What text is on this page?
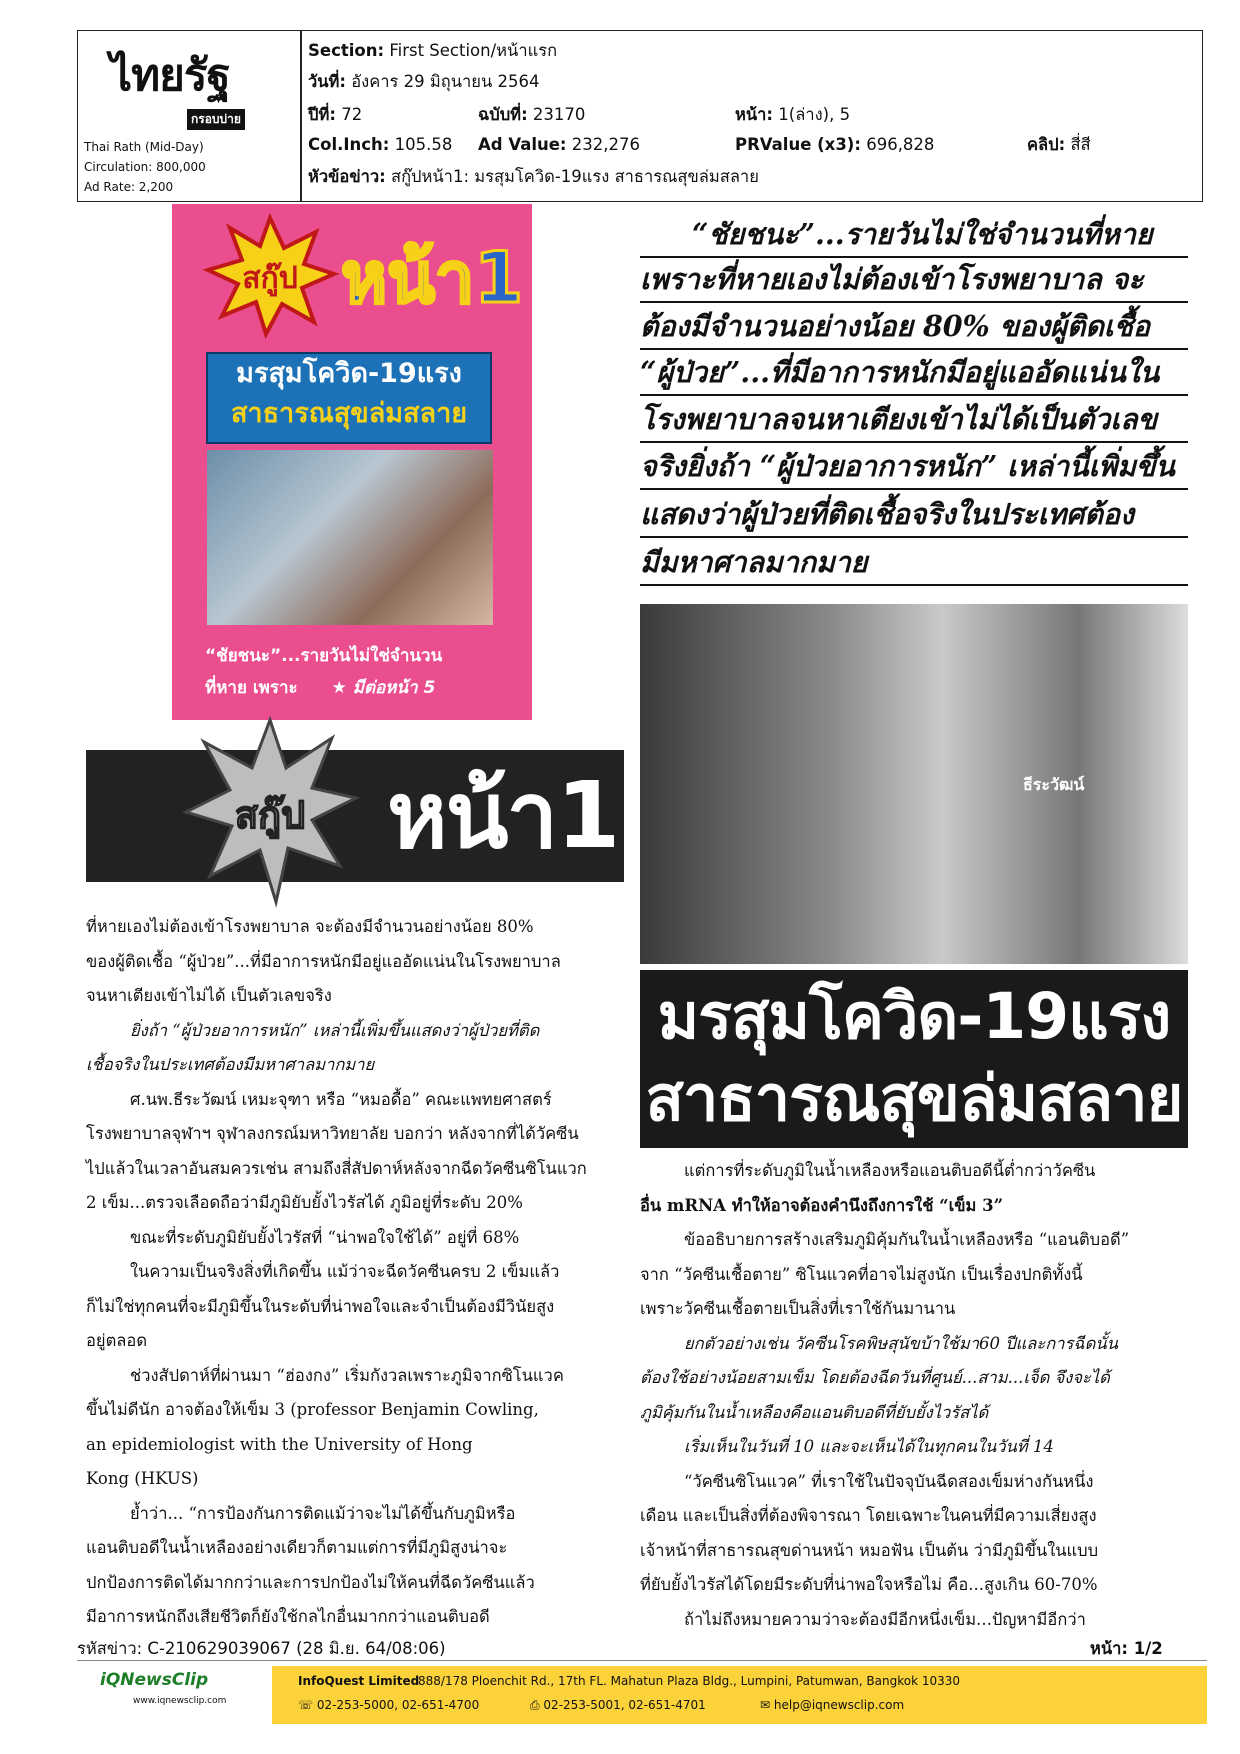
ไทยรัฐ
กรอบบ่าย
Thai Rath (Mid-Day)
Circulation: 800,000
Ad Rate: 2,200
Section: First Section/หน้าแรก
วันที่: อังคาร 29 มิถุนายน 2564
ปีที่: 72	ฉบับที่: 23170	หน้า: 1(ล่าง), 5
Col.Inch: 105.58 Ad Value: 232,276	PRValue (x3): 696,828	คลิป: สี่สี
หัวข้อข่าว: สกู๊ปหน้า1: มรสุมโควิด-19แรง สาธารณสุขล่มสลาย
สกู๊ป หน้า1
มรสุมโควิด-19แรง
สาธารณสุขล่มสลาย
“ชัยชนะ”...รายวันไม่ใช่จำนวน
ที่หาย เพราะ ★ มีต่อหน้า 5
สกู๊ป หน้า1
“ชัยชนะ”...รายวันไม่ใช่จำนวนที่หาย
เพราะที่หายเองไม่ต้องเข้าโรงพยาบาล จะ
ต้องมีจำนวนอย่างน้อย 80% ของผู้ติดเชื้อ
“ผู้ป่วย”...ที่มีอาการหนักมีอยู่แออัดแน่นใน
โรงพยาบาลจนหาเตียงเข้าไม่ได้เป็นตัวเลข
จริงยิ่งถ้า “ผู้ป่วยอาการหนัก” เหล่านี้เพิ่มขึ้น
แสดงว่าผู้ป่วยที่ติดเชื้อจริงในประเทศต้อง
มีมหาศาลมากมาย
ธีระวัฒน์
มรสุมโควิด-19แรง
สาธารณสุขล่มสลาย
ที่หายเองไม่ต้องเข้าโรงพยาบาล จะต้องมีจำนวนอย่างน้อย 80%
ของผู้ติดเชื้อ “ผู้ป่วย”...ที่มีอาการหนักมีอยู่แออัดแน่นในโรงพยาบาล
จนหาเตียงเข้าไม่ได้ เป็นตัวเลขจริง
ยิ่งถ้า “ผู้ป่วยอาการหนัก” เหล่านี้เพิ่มขึ้นแสดงว่าผู้ป่วยที่ติด
เชื้อจริงในประเทศต้องมีมหาศาลมากมาย
ศ.นพ.ธีระวัฒน์ เหมะจุฑา หรือ “หมอดื้อ” คณะแพทยศาสตร์
โรงพยาบาลจุฬาฯ จุฬาลงกรณ์มหาวิทยาลัย บอกว่า หลังจากที่ได้วัคซีน
ไปแล้วในเวลาอันสมควรเช่น สามถึงสี่สัปดาห์หลังจากฉีดวัคซีนซิโนแวก
2 เข็ม...ตรวจเลือดถือว่ามีภูมิยับยั้งไวรัสได้ ภูมิอยู่ที่ระดับ 20%
ขณะที่ระดับภูมิยับยั้งไวรัสที่ “น่าพอใจใช้ได้” อยู่ที่ 68%
ในความเป็นจริงสิ่งที่เกิดขึ้น แม้ว่าจะฉีดวัคซีนครบ 2 เข็มแล้ว
ก็ไม่ใช่ทุกคนที่จะมีภูมิขึ้นในระดับที่น่าพอใจและจำเป็นต้องมีวินัยสูง
อยู่ตลอด
ช่วงสัปดาห์ที่ผ่านมา “ฮ่องกง” เริ่มกังวลเพราะภูมิจากซิโนแวค
ขึ้นไม่ดีนัก อาจต้องให้เข็ม 3 (professor Benjamin Cowling,
an epidemiologist with the University of Hong
Kong (HKUS)
ย้ำว่า... “การป้องกันการติดแม้ว่าจะไม่ได้ขึ้นกับภูมิหรือ
แอนติบอดีในน้ำเหลืองอย่างเดียวก็ตามแต่การที่มีภูมิสูงน่าจะ
ปกป้องการติดได้มากกว่าและการปกป้องไม่ให้คนที่ฉีดวัคซีนแล้ว
มีอาการหนักถึงเสียชีวิตก็ยังใช้กลไกอื่นมากกว่าแอนติบอดี
แต่การที่ระดับภูมิในน้ำเหลืองหรือแอนติบอดีนี้ต่ำกว่าวัคซีน
อื่น mRNA ทำให้อาจต้องคำนึงถึงการใช้ “เข็ม 3”
ข้ออธิบายการสร้างเสริมภูมิคุ้มกันในน้ำเหลืองหรือ “แอนติบอดี”
จาก “วัคซีนเชื้อตาย” ซิโนแวคที่อาจไม่สูงนัก เป็นเรื่องปกติทั้งนี้
เพราะวัคซีนเชื้อตายเป็นสิ่งที่เราใช้กันมานาน
ยกตัวอย่างเช่น วัคซีนโรคพิษสุนัขบ้าใช้มา60 ปีและการฉีดนั้น
ต้องใช้อย่างน้อยสามเข็ม โดยต้องฉีดวันที่ศูนย์...สาม...เจ็ด จึงจะได้
ภูมิคุ้มกันในน้ำเหลืองคือแอนติบอดีที่ยับยั้งไวรัสได้
เริ่มเห็นในวันที่ 10 และจะเห็นได้ในทุกคนในวันที่ 14
“วัคซีนซิโนแวค” ที่เราใช้ในปัจจุบันฉีดสองเข็มห่างกันหนึ่ง
เดือน และเป็นสิ่งที่ต้องพิจารณา โดยเฉพาะในคนที่มีความเสี่ยงสูง
เจ้าหน้าที่สาธารณสุขด่านหน้า หมอฟัน เป็นต้น ว่ามีภูมิขึ้นในแบบ
ที่ยับยั้งไวรัสได้โดยมีระดับที่น่าพอใจหรือไม่ คือ...สูงเกิน 60-70%
ถ้าไม่ถึงหมายความว่าจะต้องมีอีกหนึ่งเข็ม...ปัญหามีอีกว่า
รหัสข่าว: C-210629039067 (28 มิ.ย. 64/08:06)	หน้า: 1/2
iQNewsClip
www.iqnewsclip.com
InfoQuest Limited
888/178 Ploenchit Rd., 17th FL. Mahatun Plaza Bldg., Lumpini, Patumwan, Bangkok 10330
☏ 02-253-5000, 02-651-4700	⎙ 02-253-5001, 02-651-4701	✉ help@iqnewsclip.com
